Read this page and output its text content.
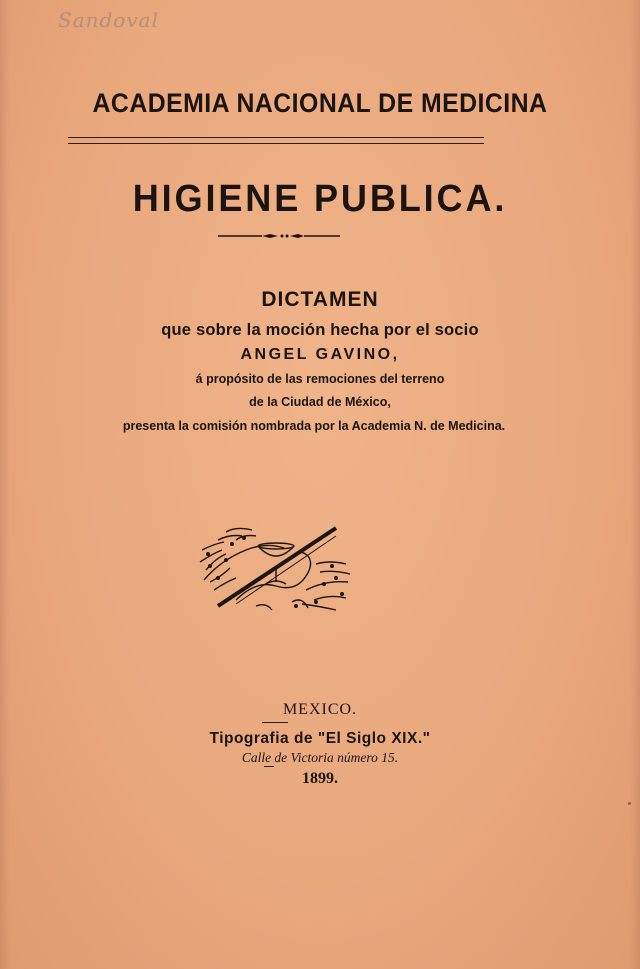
Sandoval
ACADEMIA NACIONAL DE MEDICINA
HIGIENE PUBLICA.
DICTAMEN
que sobre la moción hecha por el socio
ANGEL GAVINO,
á propósito de las remociones del terreno
de la Ciudad de México,
presenta la comisión nombrada por la Academia N. de Medicina.
MEXICO.
Tipografia de "El Siglo XIX."
Calle de Victoria número 15.
1899.
